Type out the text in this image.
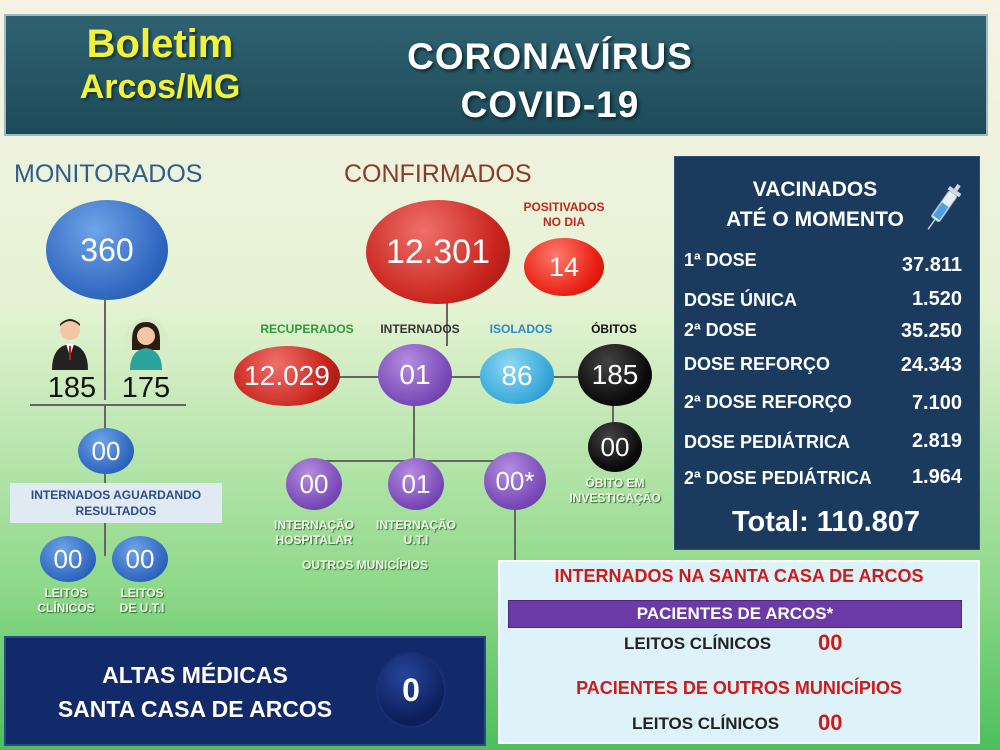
Boletim
Arcos/MG
CORONAVÍRUS
COVID-19
MONITORADOS
360
185 175
00
INTERNADOS AGUARDANDO RESULTADOS
00	00
LEITOS
CLÍNICOS
LEITOS
DE U.T.I
CONFIRMADOS
12.301
POSITIVADOS
NO DIA
14
RECUPERADOS	INTERNADOS	ISOLADOS	ÓBITOS
12.029	01	86	185
00
ÓBITO EM
INVESTIGAÇÃO
00	01	00*
INTERNAÇÃO
HOSPITALAR
INTERNAÇÃO
U.T.I
OUTROS MUNICÍPIOS
VACINADOS
ATÉ O MOMENTO
1ª DOSE	37.811
DOSE ÚNICA	1.520
2ª DOSE	35.250
DOSE REFORÇO	24.343
2ª DOSE REFORÇO	7.100
DOSE PEDIÁTRICA	2.819
2ª DOSE PEDIÁTRICA 1.964
Total: 110.807
INTERNADOS NA SANTA CASA DE ARCOS
PACIENTES DE ARCOS*
LEITOS CLÍNICOS 00
PACIENTES DE OUTROS MUNICÍPIOS
LEITOS CLÍNICOS 00
ALTAS MÉDICAS
SANTA CASA DE ARCOS
0
